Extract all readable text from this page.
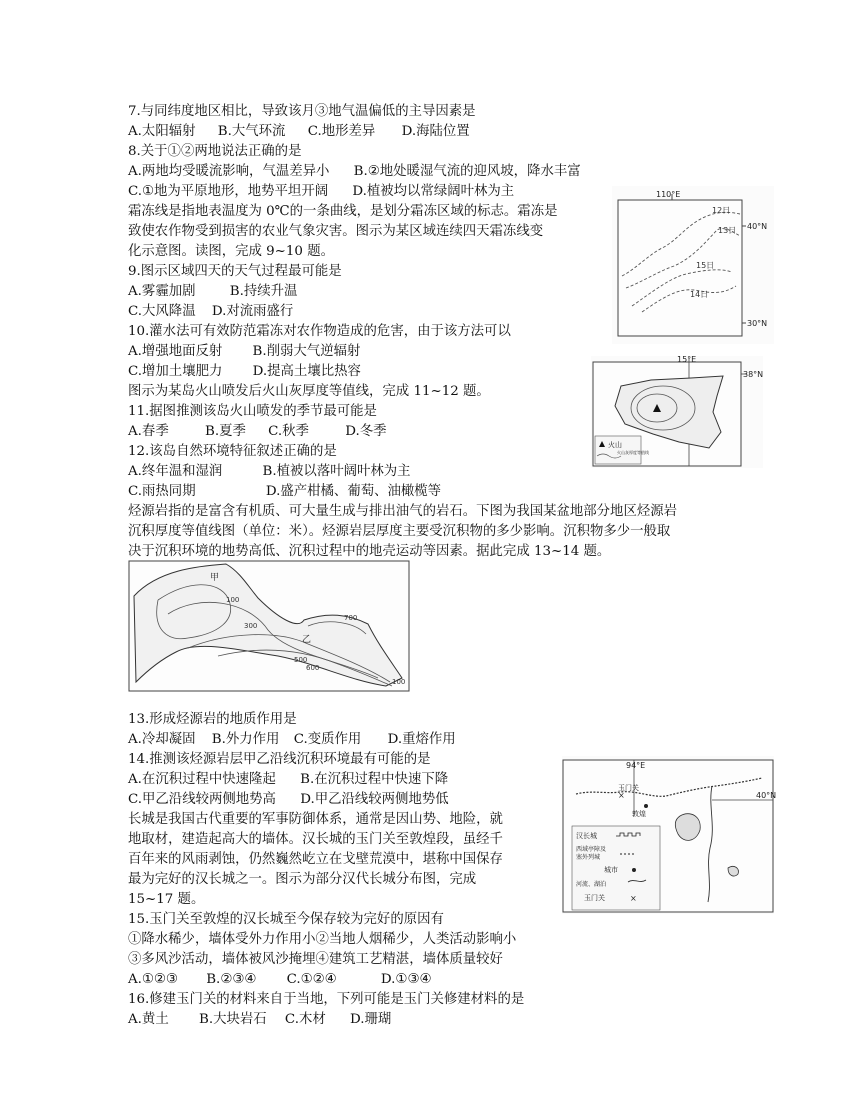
7.与同纬度地区相比，导致该月③地气温偏低的主导因素是
A.太阳辐射 B.大气环流 C.地形差异 D.海陆位置
8.关于①②两地说法正确的是
A.两地均受暖流影响，气温差异小 B.②地处暖湿气流的迎风坡，降水丰富
C.①地为平原地形，地势平坦开阔 D.植被均以常绿阔叶林为主
霜冻线是指地表温度为 0℃的一条曲线，是划分霜冻区域的标志。霜冻是
致使农作物受到损害的农业气象灾害。图示为某区域连续四天霜冻线变
化示意图。读图，完成 9~10 题。
9.图示区域四天的天气过程最可能是
A.雾霾加剧	B.持续升温
C.大风降温 D.对流雨盛行
10.灌水法可有效防范霜冻对农作物造成的危害，由于该方法可以
A.增强地面反射 B.削弱大气逆辐射
C.增加土壤肥力 D.提高土壤比热容
图示为某岛火山喷发后火山灰厚度等值线，完成 11~12 题。
11.据图推测该岛火山喷发的季节最可能是
A.春季	B.夏季 C.秋季	D.冬季
12.该岛自然环境特征叙述正确的是
A.终年温和湿润	B.植被以落叶阔叶林为主
C.雨热同期	D.盛产柑橘、葡萄、油橄榄等
烃源岩指的是富含有机质、可大量生成与排出油气的岩石。下图为我国某盆地部分地区烃源岩
沉积厚度等值线图（单位：米）。烃源岩层厚度主要受沉积物的多少影响。沉积物多少一般取
决于沉积环境的地势高低、沉积过程中的地壳运动等因素。据此完成 13~14 题。
13.形成烃源岩的地质作用是
A.冷却凝固 B.外力作用 C.变质作用 D.重熔作用
14.推测该烃源岩层甲乙沿线沉积环境最有可能的是
A.在沉积过程中快速隆起 B.在沉积过程中快速下降
C.甲乙沿线较两侧地势高 D.甲乙沿线较两侧地势低
长城是我国古代重要的军事防御体系，通常是因山势、地险，就
地取材，建造起高大的墙体。汉长城的玉门关至敦煌段，虽经千
百年来的风雨剥蚀，仍然巍然屹立在戈壁荒漠中，堪称中国保存
最为完好的汉长城之一。图示为部分汉代长城分布图，完成
15~17 题。
15.玉门关至敦煌的汉长城至今保存较为完好的原因有
①降水稀少，墙体受外力作用小②当地人烟稀少，人类活动影响小
③多风沙活动，墙体被风沙掩埋④建筑工艺精湛，墙体质量较好
A.①②③ B.②③④ C.①②④	D.①③④
16.修建玉门关的材料来自于当地，下列可能是玉门关修建材料的是
A.黄土 B.大块岩石 C.木材 D.珊瑚
110°E
40°N
30°N
12日
13日
15日
14日
15°E
38°N
火山
火山灰厚度等值线
甲
乙
100
300
500
600
700
100
94°E
40°N
玉门关
敦煌
×
汉长城
西域亭障及
塞外列城
城市
河流、湖泊
玉门关	×
